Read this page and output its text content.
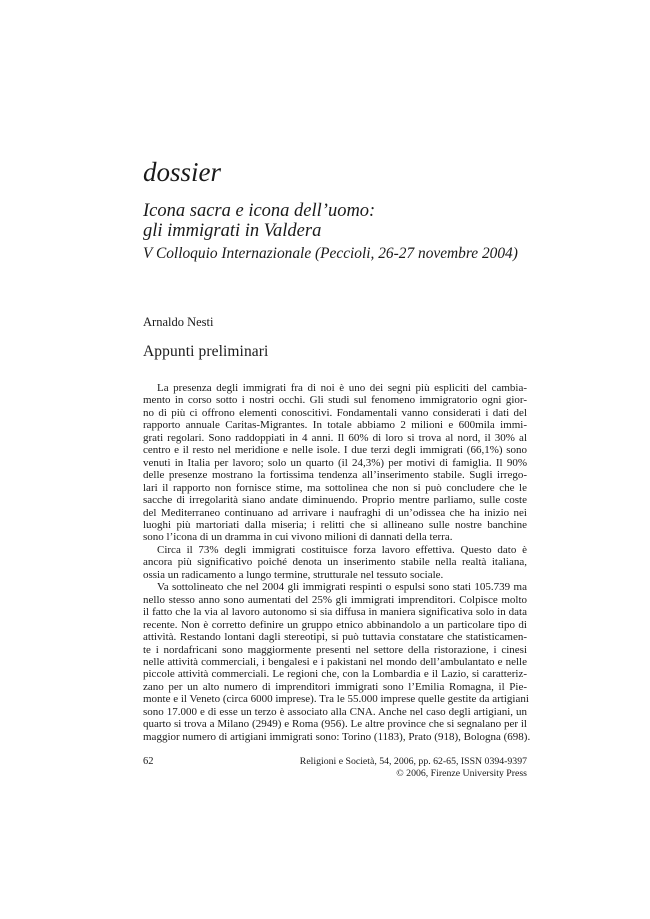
dossier
Icona sacra e icona dell’uomo:
gli immigrati in Valdera

V Colloquio Internazionale (Peccioli, 26-27 novembre 2004)

Arnaldo Nesti

Appunti preliminari
La presenza degli immigrati fra di noi è uno dei segni più espliciti del cambia-
mento in corso sotto i nostri occhi. Gli studi sul fenomeno immigratorio ogni gior-
no di più ci offrono elementi conoscitivi. Fondamentali vanno considerati i dati del
rapporto annuale Caritas-Migrantes. In totale abbiamo 2 milioni e 600mila immi-
grati regolari. Sono raddoppiati in 4 anni. Il 60% di loro si trova al nord, il 30% al
centro e il resto nel meridione e nelle isole. I due terzi degli immigrati (66,1%) sono
venuti in Italia per lavoro; solo un quarto (il 24,3%) per motivi di famiglia. Il 90%
delle presenze mostrano la fortissima tendenza all’inserimento stabile. Sugli irrego-
lari il rapporto non fornisce stime, ma sottolinea che non si può concludere che le
sacche di irregolarità siano andate diminuendo. Proprio mentre parliamo, sulle coste
del Mediterraneo continuano ad arrivare i naufraghi di un’odissea che ha inizio nei
luoghi più martoriati dalla miseria; i relitti che si allineano sulle nostre banchine
sono l’icona di un dramma in cui vivono milioni di dannati della terra.
Circa il 73% degli immigrati costituisce forza lavoro effettiva. Questo dato è
ancora più significativo poiché denota un inserimento stabile nella realtà italiana,
ossia un radicamento a lungo termine, strutturale nel tessuto sociale.
Va sottolineato che nel 2004 gli immigrati respinti o espulsi sono stati 105.739 ma
nello stesso anno sono aumentati del 25% gli immigrati imprenditori. Colpisce molto
il fatto che la via al lavoro autonomo si sia diffusa in maniera significativa solo in data
recente. Non è corretto definire un gruppo etnico abbinandolo a un particolare tipo di
attività. Restando lontani dagli stereotipi, si può tuttavia constatare che statisticamen-
te i nordafricani sono maggiormente presenti nel settore della ristorazione, i cinesi
nelle attività commerciali, i bengalesi e i pakistani nel mondo dell’ambulantato e nelle
piccole attività commerciali. Le regioni che, con la Lombardia e il Lazio, si caratteriz-
zano per un alto numero di imprenditori immigrati sono l’Emilia Romagna, il Pie-
monte e il Veneto (circa 6000 imprese). Tra le 55.000 imprese quelle gestite da artigiani
sono 17.000 e di esse un terzo è associato alla CNA. Anche nel caso degli artigiani, un
quarto si trova a Milano (2949) e Roma (956). Le altre province che si segnalano per il
maggior numero di artigiani immigrati sono: Torino (1183), Prato (918), Bologna (698).

62	Religioni e Società, 54, 2006, pp. 62-65, ISSN 0394-9397
© 2006, Firenze University Press
